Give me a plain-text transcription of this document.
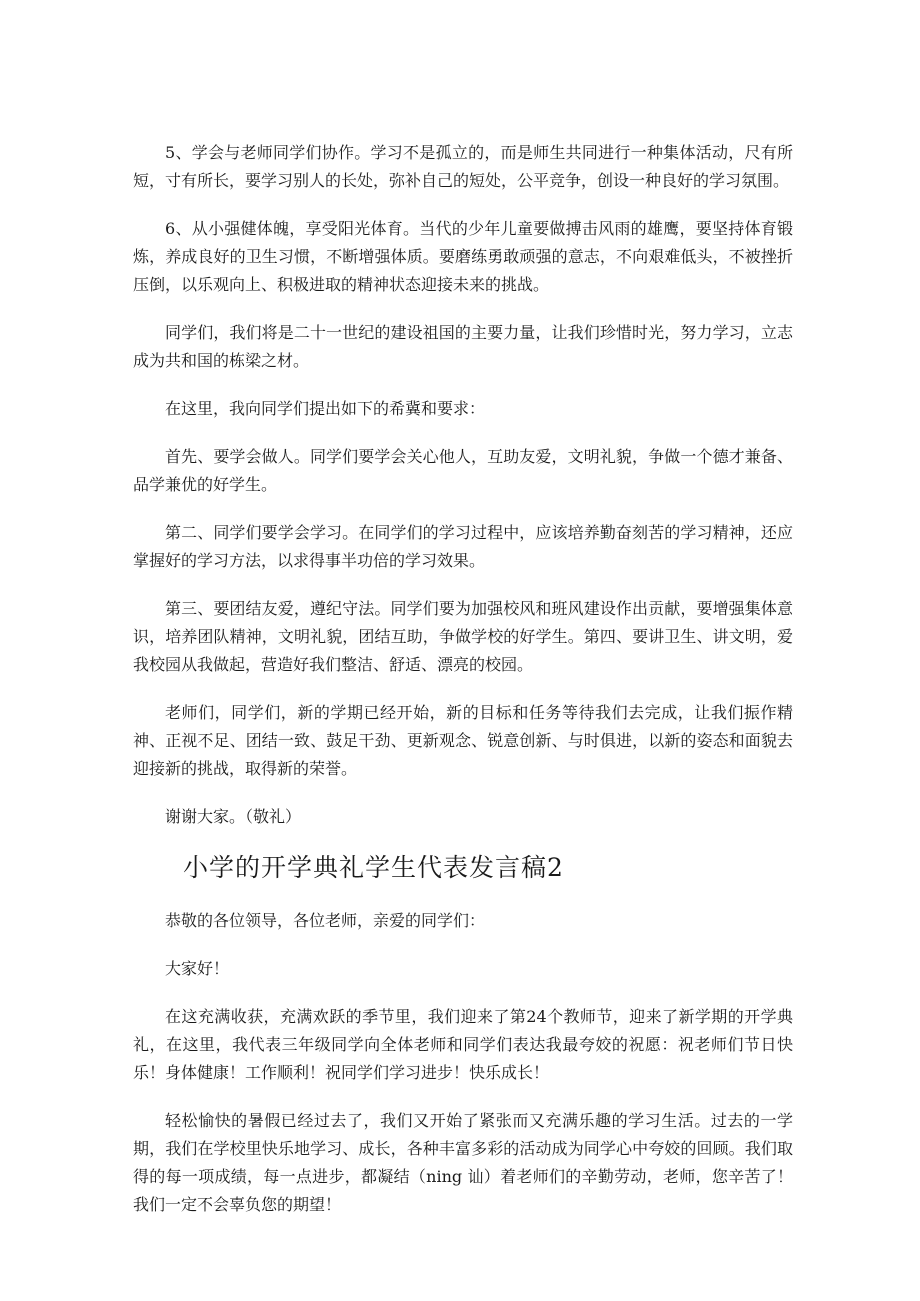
5、学会与老师同学们协作。学习不是孤立的，而是师生共同进行一种集体活动，尺有所短，寸有所长，要学习别人的长处，弥补自己的短处，公平竞争，创设一种良好的学习氛围。

6、从小强健体魄，享受阳光体育。当代的少年儿童要做搏击风雨的雄鹰，要坚持体育锻炼，养成良好的卫生习惯，不断增强体质。要磨练勇敢顽强的意志，不向艰难低头，不被挫折压倒，以乐观向上、积极进取的精神状态迎接未来的挑战。

同学们，我们将是二十一世纪的建设祖国的主要力量，让我们珍惜时光，努力学习，立志成为共和国的栋梁之材。

在这里，我向同学们提出如下的希冀和要求：

首先、要学会做人。同学们要学会关心他人，互助友爱，文明礼貌，争做一个德才兼备、品学兼优的好学生。

第二、同学们要学会学习。在同学们的学习过程中，应该培养勤奋刻苦的学习精神，还应掌握好的学习方法，以求得事半功倍的学习效果。

第三、要团结友爱，遵纪守法。同学们要为加强校风和班风建设作出贡献，要增强集体意识，培养团队精神，文明礼貌，团结互助，争做学校的好学生。第四、要讲卫生、讲文明，爱我校园从我做起，营造好我们整洁、舒适、漂亮的校园。

老师们，同学们，新的学期已经开始，新的目标和任务等待我们去完成，让我们振作精神、正视不足、团结一致、鼓足干劲、更新观念、锐意创新、与时俱进，以新的姿态和面貌去迎接新的挑战，取得新的荣誉。

谢谢大家。（敬礼）

小学的开学典礼学生代表发言稿2

恭敬的各位领导，各位老师，亲爱的同学们：

大家好！

在这充满收获，充满欢跃的季节里，我们迎来了第24个教师节，迎来了新学期的开学典礼，在这里，我代表三年级同学向全体老师和同学们表达我最夸姣的祝愿：祝老师们节日快乐！身体健康！工作顺利！祝同学们学习进步！快乐成长！

轻松愉快的暑假已经过去了，我们又开始了紧张而又充满乐趣的学习生活。过去的一学期，我们在学校里快乐地学习、成长，各种丰富多彩的活动成为同学心中夸姣的回顾。我们取得的每一项成绩，每一点进步，都凝结（ning 讪）着老师们的辛勤劳动，老师，您辛苦了！我们一定不会辜负您的期望！
